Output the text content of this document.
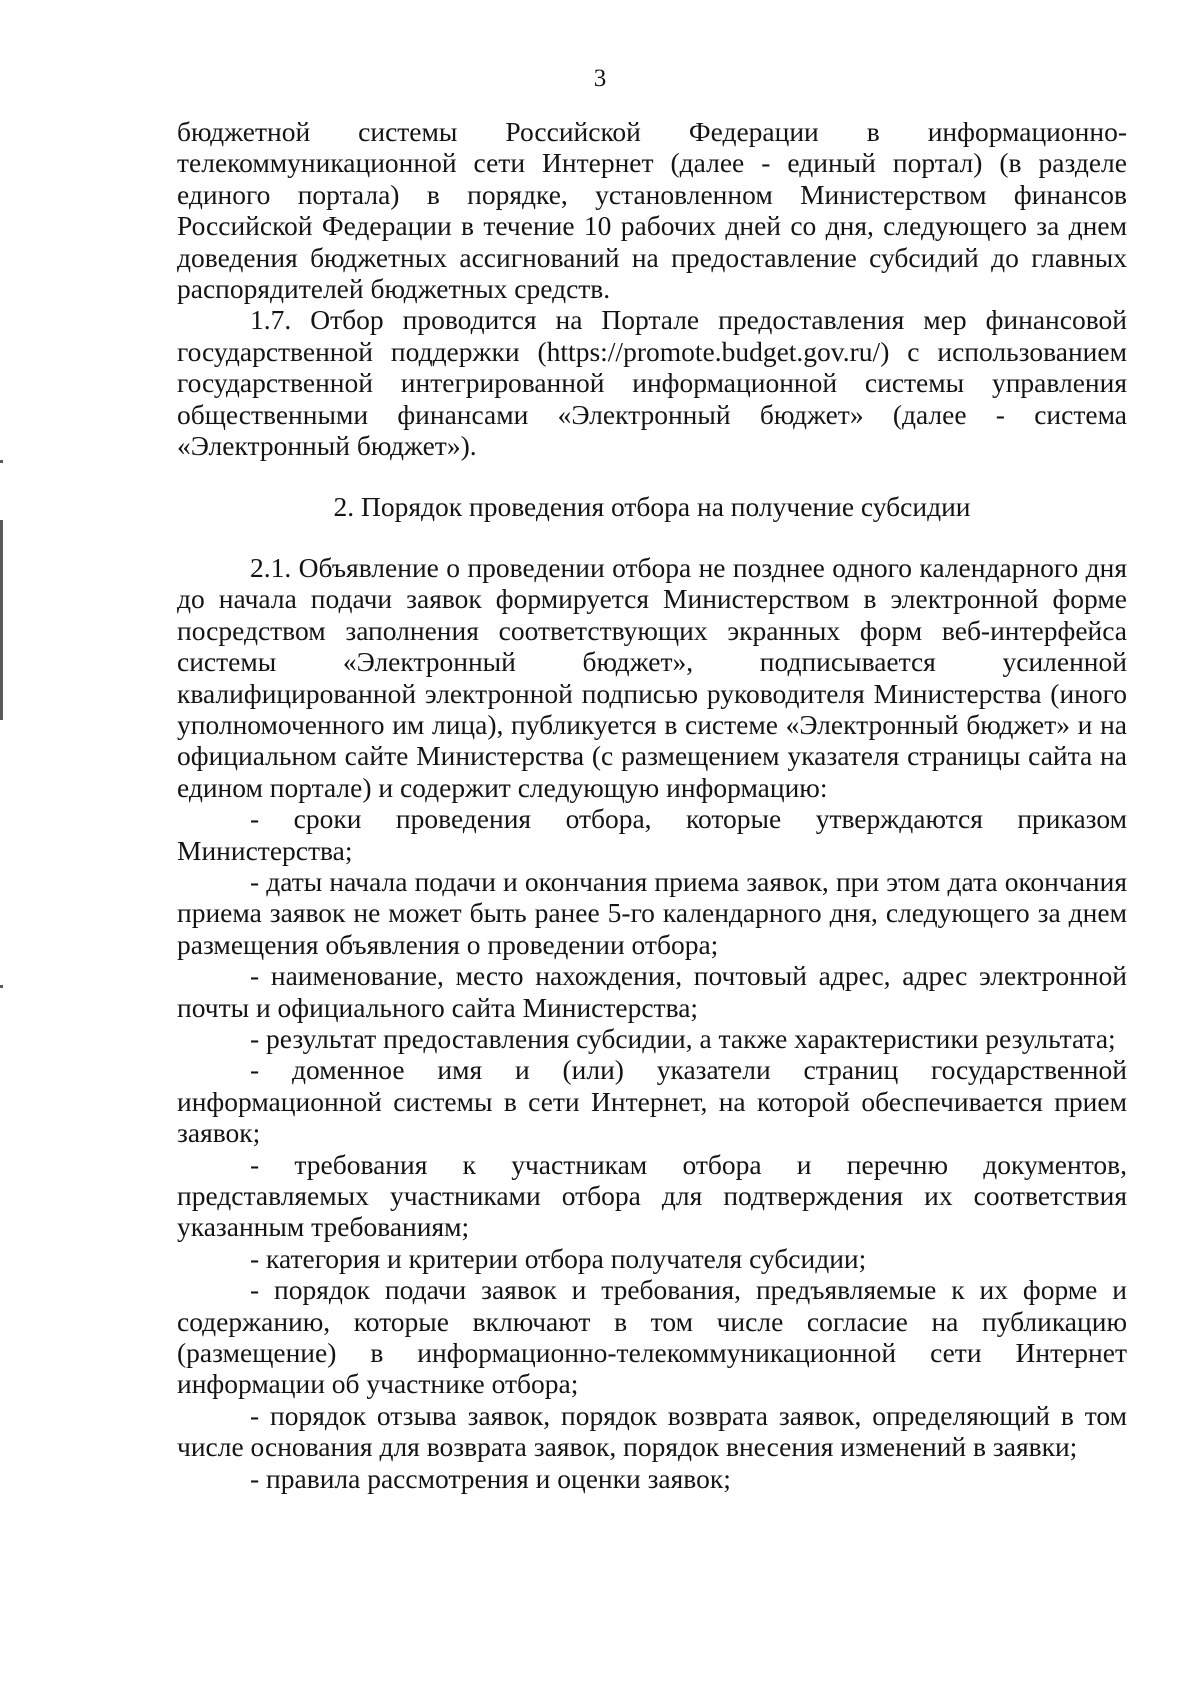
3

бюджетной системы Российской Федерации в информационно-телекоммуникационной сети Интернет (далее - единый портал) (в разделе единого портала) в порядке, установленном Министерством финансов Российской Федерации в течение 10 рабочих дней со дня, следующего за днем доведения бюджетных ассигнований на предоставление субсидий до главных распорядителей бюджетных средств.

1.7. Отбор проводится на Портале предоставления мер финансовой государственной поддержки (https://promote.budget.gov.ru/) с использованием государственной интегрированной информационной системы управления общественными финансами «Электронный бюджет» (далее - система «Электронный бюджет»).

2. Порядок проведения отбора на получение субсидии

2.1. Объявление о проведении отбора не позднее одного календарного дня до начала подачи заявок формируется Министерством в электронной форме посредством заполнения соответствующих экранных форм веб-интерфейса системы «Электронный бюджет», подписывается усиленной квалифицированной электронной подписью руководителя Министерства (иного уполномоченного им лица), публикуется в системе «Электронный бюджет» и на официальном сайте Министерства (с размещением указателя страницы сайта на едином портале) и содержит следующую информацию:

- сроки проведения отбора, которые утверждаются приказом Министерства;

- даты начала подачи и окончания приема заявок, при этом дата окончания приема заявок не может быть ранее 5-го календарного дня, следующего за днем размещения объявления о проведении отбора;

- наименование, место нахождения, почтовый адрес, адрес электронной почты и официального сайта Министерства;

- результат предоставления субсидии, а также характеристики результата;

- доменное имя и (или) указатели страниц государственной информационной системы в сети Интернет, на которой обеспечивается прием заявок;

- требования к участникам отбора и перечню документов, представляемых участниками отбора для подтверждения их соответствия указанным требованиям;

- категория и критерии отбора получателя субсидии;

- порядок подачи заявок и требования, предъявляемые к их форме и содержанию, которые включают в том числе согласие на публикацию (размещение) в информационно-телекоммуникационной сети Интернет информации об участнике отбора;

- порядок отзыва заявок, порядок возврата заявок, определяющий в том числе основания для возврата заявок, порядок внесения изменений в заявки;

- правила рассмотрения и оценки заявок;
